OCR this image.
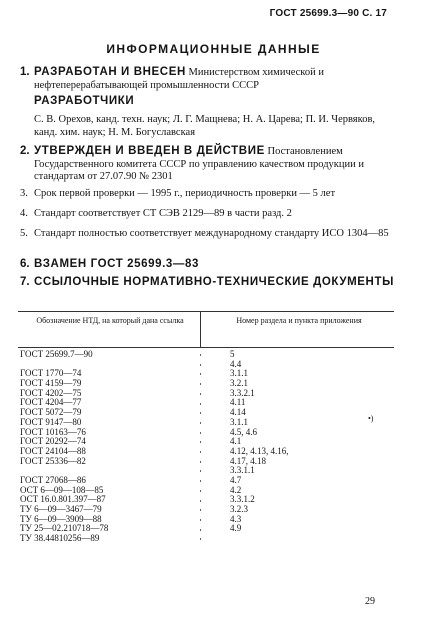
ГОСТ 25699.3—90 С. 17
ИНФОРМАЦИОННЫЕ ДАННЫЕ
1. РАЗРАБОТАН И ВНЕСЕН Министерством химической и нефтеперерабатывающей промышленности СССР
РАЗРАБОТЧИКИ
С. В. Орехов, канд. техн. наук; Л. Г. Мащнева; Н. А. Царева; П. И. Червяков, канд. хим. наук; Н. М. Богуславская
2. УТВЕРЖДЕН И ВВЕДЕН В ДЕЙСТВИЕ Постановлением Государственного комитета СССР по управлению качеством продукции и стандартам от 27.07.90 № 2301
3. Срок первой проверки — 1995 г., периодичность проверки — 5 лет
4. Стандарт соответствует СТ СЭВ 2129—89 в части разд. 2
5. Стандарт полностью соответствует международному стандарту ИСО 1304—85
6. ВЗАМЕН ГОСТ 25699.3—83
7. ССЫЛОЧНЫЕ НОРМАТИВНО-ТЕХНИЧЕСКИЕ ДОКУМЕНТЫ
Обозначение НТД, на который дана ссылка	Номер раздела и пункта приложения
ГОСТ 25699.7—90	5
4.4
ГОСТ 1770—74	3.1.1
ГОСТ 4159—79	3.2.1
ГОСТ 4202—75	3.3.2.1
ГОСТ 4204—77	4.11
ГОСТ 5072—79	4.14
ГОСТ 9147—80	3.1.1
ГОСТ 10163—76	4.5, 4.6
ГОСТ 20292—74	4.1
ГОСТ 24104—88	4.12, 4.13, 4.16,
ГОСТ 25336—82	4.17, 4.18
3.3.1.1
ГОСТ 27068—86	4.7
ОСТ 6—09—108—85	4.2
ОСТ 16.0.801.397—87	3.3.1.2
ТУ 6—09—3467—79	3.2.3
ТУ 6—09—3909—88	4.3
ТУ 25—02.210718—78	4.9
ТУ 38.44810256—89
•)
29
